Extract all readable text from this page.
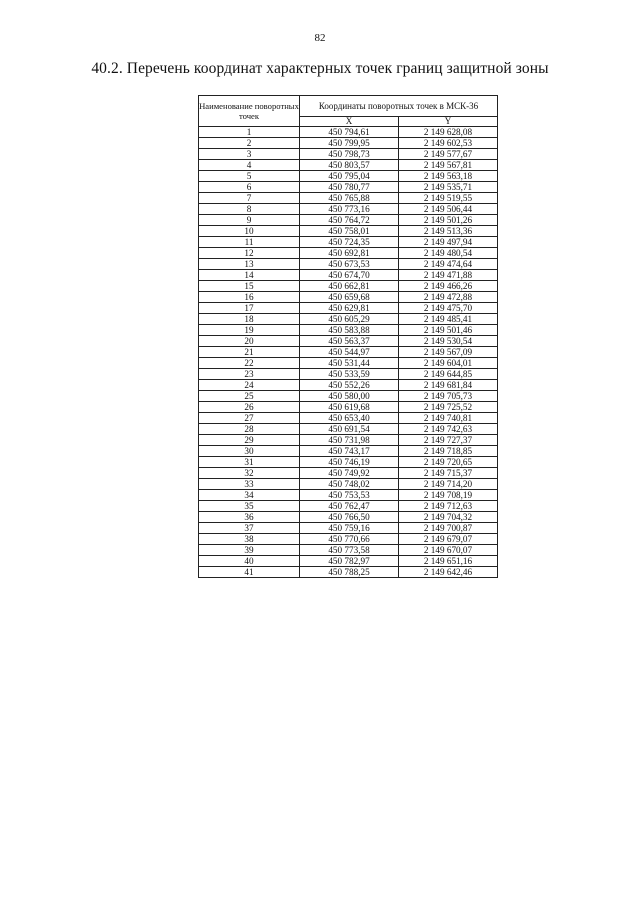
82
40.2. Перечень координат характерных точек границ защитной зоны
Наименование поворотных точек	Координаты поворотных точек в МСК-36	
	X	Y
1	450 794,61	2 149 628,08
2	450 799,95	2 149 602,53
3	450 798,73	2 149 577,67
4	450 803,57	2 149 567,81
5	450 795,04	2 149 563,18
6	450 780,77	2 149 535,71
7	450 765,88	2 149 519,55
8	450 773,16	2 149 506,44
9	450 764,72	2 149 501,26
10	450 758,01	2 149 513,36
11	450 724,35	2 149 497,94
12	450 692,81	2 149 480,54
13	450 673,53	2 149 474,64
14	450 674,70	2 149 471,88
15	450 662,81	2 149 466,26
16	450 659,68	2 149 472,88
17	450 629,81	2 149 475,70
18	450 605,29	2 149 485,41
19	450 583,88	2 149 501,46
20	450 563,37	2 149 530,54
21	450 544,97	2 149 567,09
22	450 531,44	2 149 604,01
23	450 533,59	2 149 644,85
24	450 552,26	2 149 681,84
25	450 580,00	2 149 705,73
26	450 619,68	2 149 725,52
27	450 653,40	2 149 740,81
28	450 691,54	2 149 742,63
29	450 731,98	2 149 727,37
30	450 743,17	2 149 718,85
31	450 746,19	2 149 720,65
32	450 749,92	2 149 715,37
33	450 748,02	2 149 714,20
34	450 753,53	2 149 708,19
35	450 762,47	2 149 712,63
36	450 766,50	2 149 704,32
37	450 759,16	2 149 700,87
38	450 770,66	2 149 679,07
39	450 773,58	2 149 670,07
40	450 782,97	2 149 651,16
41	450 788,25	2 149 642,46
